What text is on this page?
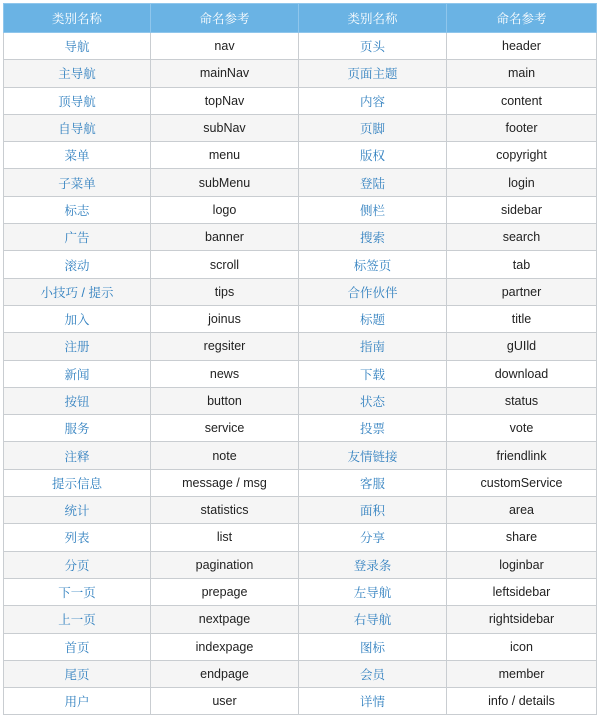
类别名称	命名参考	类别名称	命名参考
导航	nav	页头	header
主导航	mainNav	页面主题	main
顶导航	topNav	内容	content
自导航	subNav	页脚	footer
菜单	menu	版权	copyright
子菜单	subMenu	登陆	login
标志	logo	侧栏	sidebar
广告	banner	搜索	search
滚动	scroll	标签页	tab
小技巧 / 提示	tips	合作伙伴	partner
加入	joinus	标题	title
注册	regsiter	指南	gUIld
新闻	news	下载	download
按钮	button	状态	status
服务	service	投票	vote
注释	note	友情链接	friendlink
提示信息	message / msg	客服	customService
统计	statistics	面积	area
列表	list	分享	share
分页	pagination	登录条	loginbar
下一页	prepage	左导航	leftsidebar
上一页	nextpage	右导航	rightsidebar
首页	indexpage	图标	icon
尾页	endpage	会员	member
用户	user	详情	info / details
